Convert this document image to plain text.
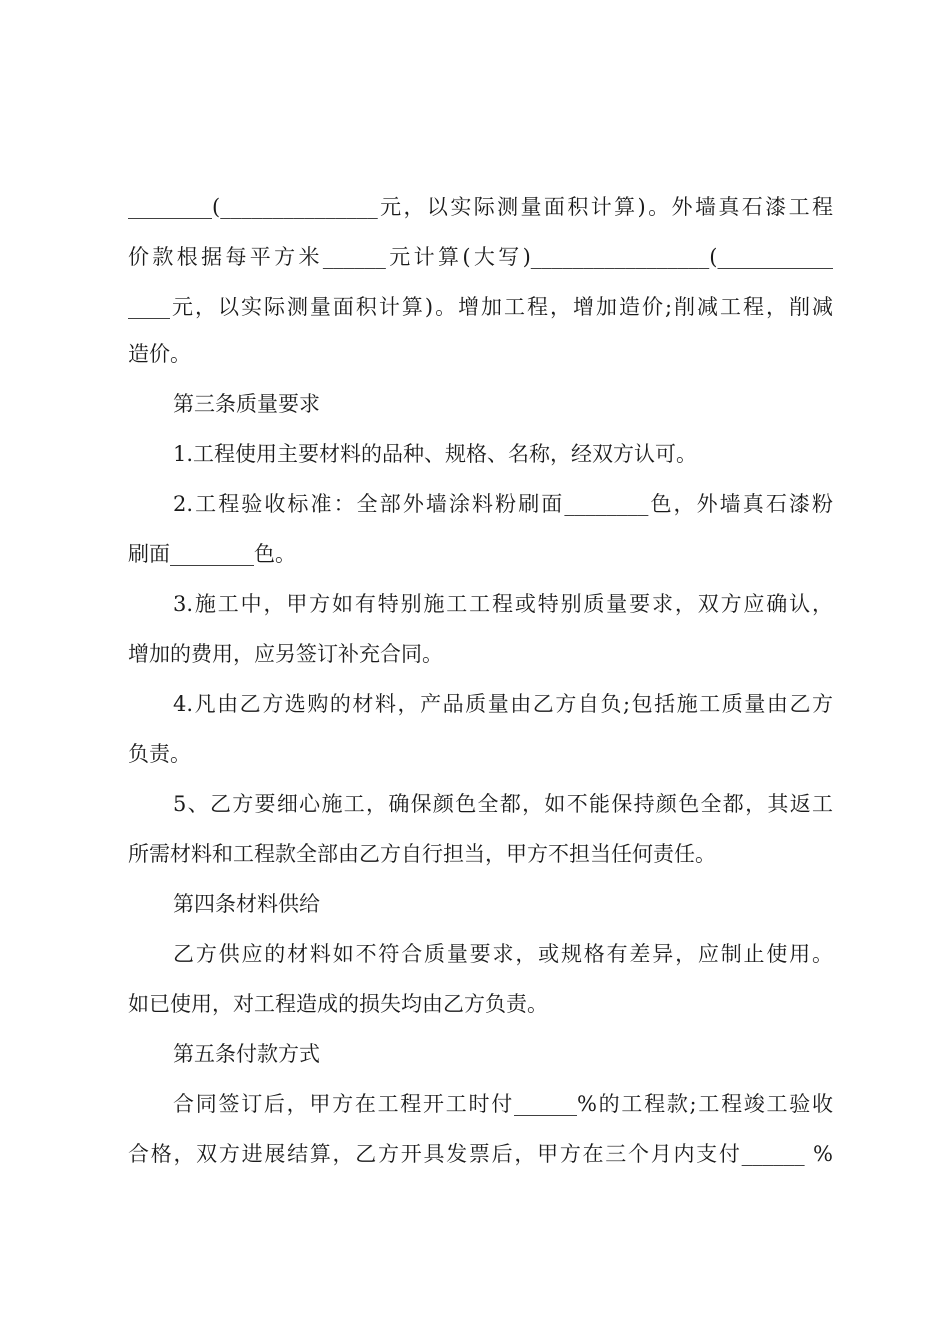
________(_______________元，以实际测量面积计算)。外墙真石漆工程
价款根据每平方米______元计算(大写)_________________(___________
____元，以实际测量面积计算)。增加工程，增加造价;削减工程，削减
造价。
第三条质量要求
1.工程使用主要材料的品种、规格、名称，经双方认可。
2.工程验收标准：全部外墙涂料粉刷面________色，外墙真石漆粉
刷面________色。
3.施工中，甲方如有特别施工工程或特别质量要求，双方应确认，
增加的费用，应另签订补充合同。
4.凡由乙方选购的材料，产品质量由乙方自负;包括施工质量由乙方
负责。
5、乙方要细心施工，确保颜色全都，如不能保持颜色全都，其返工
所需材料和工程款全部由乙方自行担当，甲方不担当任何责任。
第四条材料供给
乙方供应的材料如不符合质量要求，或规格有差异，应制止使用。
如已使用，对工程造成的损失均由乙方负责。
第五条付款方式
合同签订后，甲方在工程开工时付______%的工程款;工程竣工验收
合格，双方进展结算，乙方开具发票后，甲方在三个月内支付______ %
